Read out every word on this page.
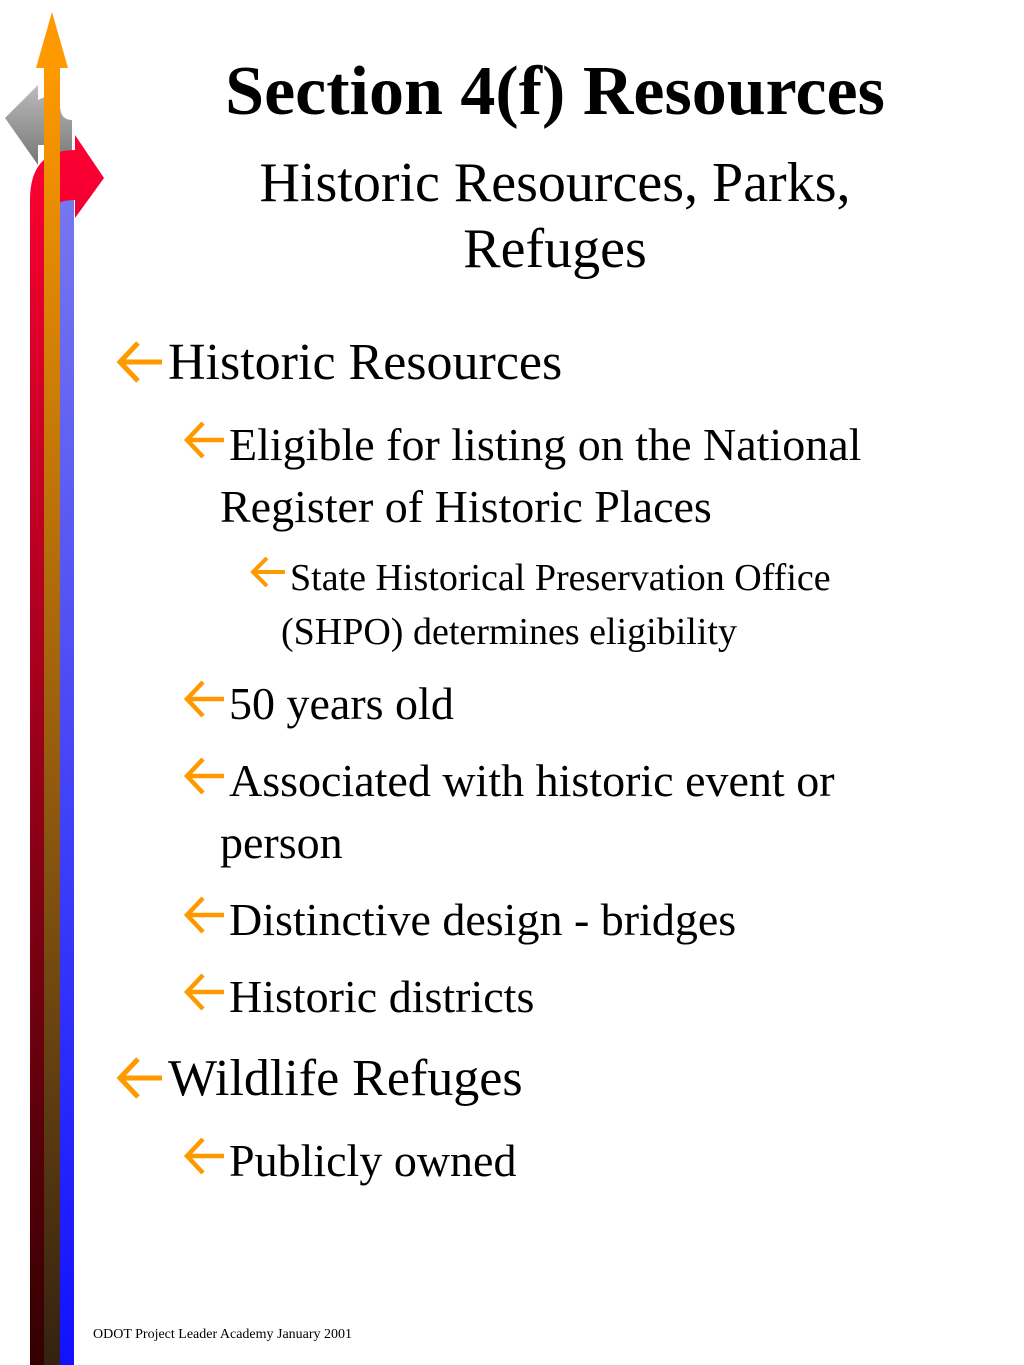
Section 4(f) Resources
Historic Resources, Parks,
Refuges
Historic Resources
Eligible for listing on the National
Register of Historic Places
State Historical Preservation Office
(SHPO) determines eligibility
50 years old
Associated with historic event or
person
Distinctive design - bridges
Historic districts
Wildlife Refuges
Publicly owned
ODOT Project Leader Academy January 2001
